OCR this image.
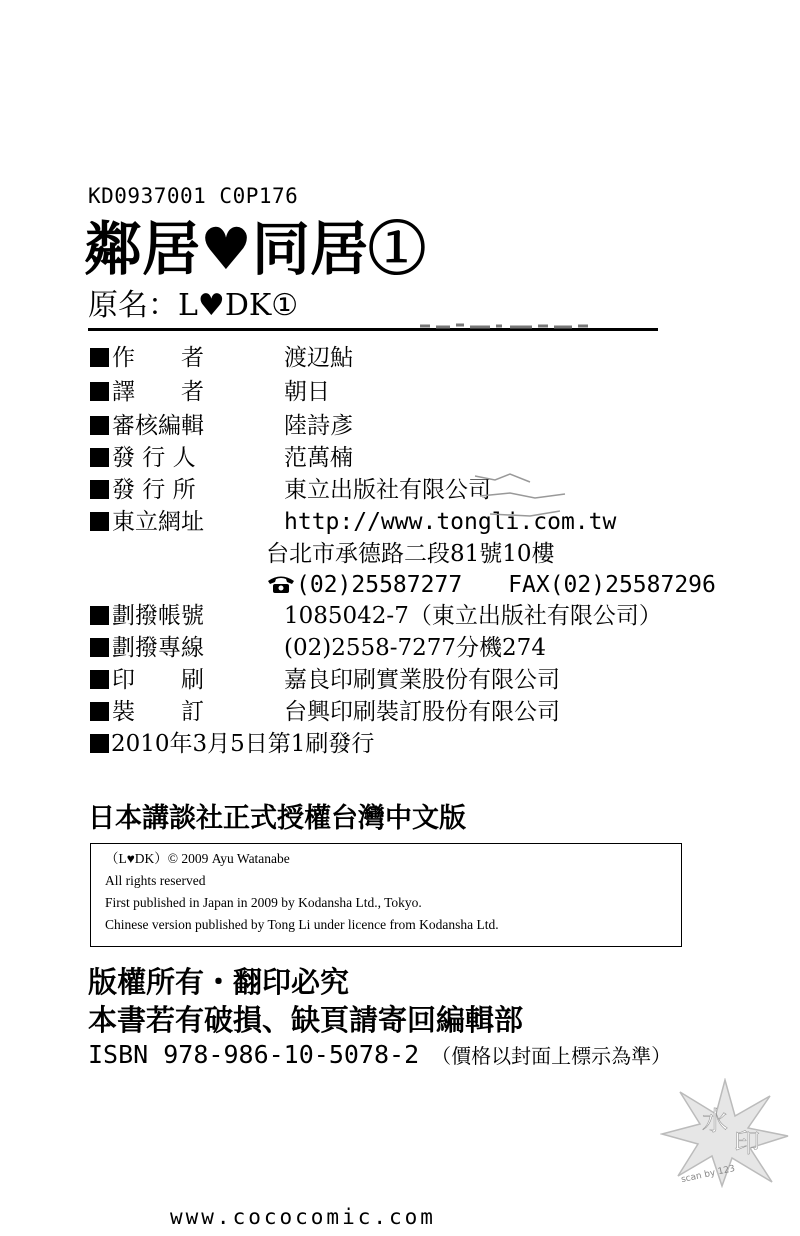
KD0937001 C0P176
鄰居♥同居①
原名：L♥DK①
作　　者	渡辺鮎
譯　　者	朝日
審核編輯	陸詩彥
發 行 人	范萬楠
發 行 所	東立出版社有限公司
東立網址	http://www.tongli.com.tw
台北市承德路二段81號10樓
(02)25587277 FAX(02)25587296
劃撥帳號	1085042-7（東立出版社有限公司）
劃撥專線	(02)2558-7277分機274
印　　刷	嘉良印刷實業股份有限公司
裝　　訂	台興印刷裝訂股份有限公司
2010年3月5日第1刷發行
日本講談社正式授權台灣中文版
（L♥DK）© 2009 Ayu Watanabe
All rights reserved
First published in Japan in 2009 by Kodansha Ltd., Tokyo.
Chinese version published by Tong Li under licence from Kodansha Ltd.
版權所有・翻印必究
本書若有破損、缺頁請寄回編輯部
ISBN 978-986-10-5078-2 （價格以封面上標示為準）
水
印
scan by 123
www.cococomic.com
